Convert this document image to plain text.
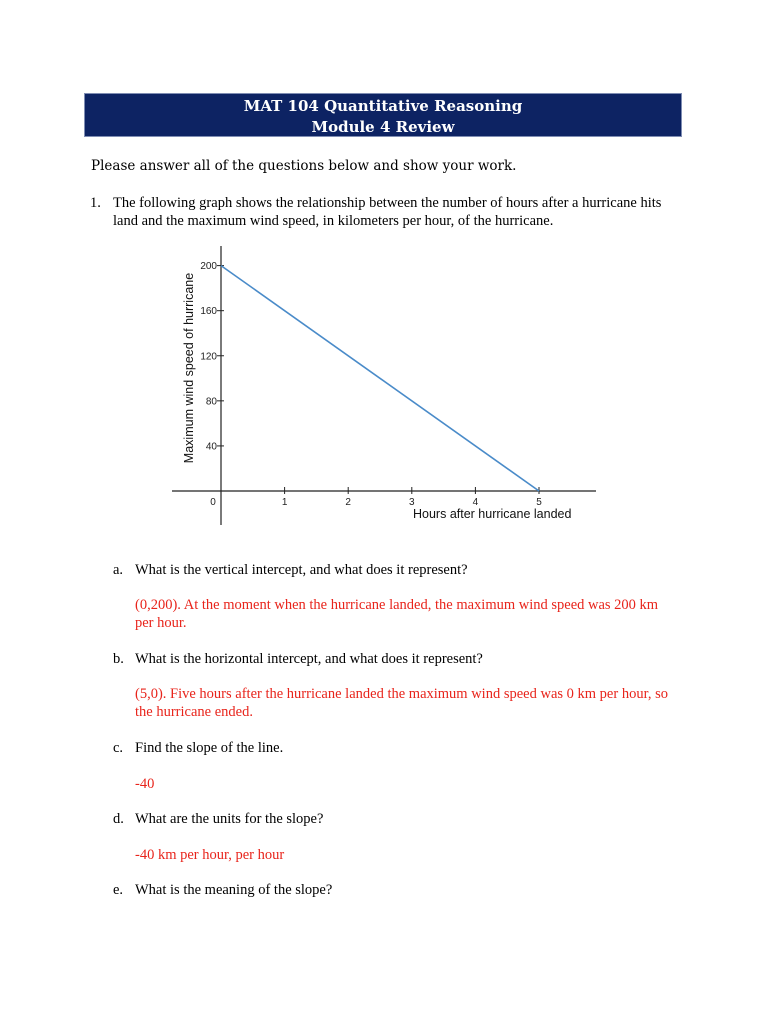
MAT 104 Quantitative Reasoning
Module 4 Review
Please answer all of the questions below and show your work.
1. The following graph shows the relationship between the number of hours after a hurricane hits land and the maximum wind speed, in kilometers per hour, of the hurricane.
40
80
120
160
200
0	1	2	3	4	5
Hours after hurricane landed
Maximum wind speed of hurricane
a. What is the vertical intercept, and what does it represent?
(0,200). At the moment when the hurricane landed, the maximum wind speed was 200 km per hour.
b. What is the horizontal intercept, and what does it represent?
(5,0). Five hours after the hurricane landed the maximum wind speed was 0 km per hour, so the hurricane ended.
c. Find the slope of the line.
-40
d. What are the units for the slope?
-40 km per hour, per hour
e. What is the meaning of the slope?
